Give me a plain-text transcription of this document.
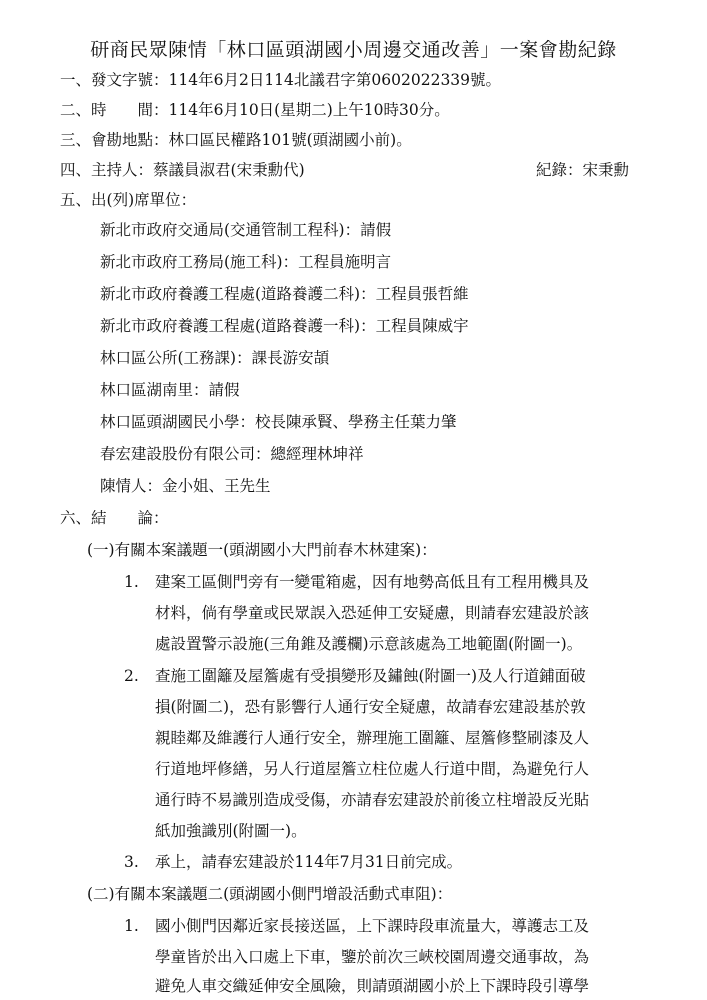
研商民眾陳情「林口區頭湖國小周邊交通改善」一案會勘紀錄
一、發文字號：114年6月2日114北議君字第0602022339號。
二、時　　間：114年6月10日(星期二)上午10時30分。
三、會勘地點：林口區民權路101號(頭湖國小前)。
四、主持人：蔡議員淑君(宋秉勳代)	紀錄：宋秉勳
五、出(列)席單位：
新北市政府交通局(交通管制工程科)：請假
新北市政府工務局(施工科)：工程員施明言
新北市政府養護工程處(道路養護二科)：工程員張哲維
新北市政府養護工程處(道路養護一科)：工程員陳威宇
林口區公所(工務課)：課長游安頡
林口區湖南里：請假
林口區頭湖國民小學：校長陳承賢、學務主任葉力肇
春宏建設股份有限公司：總經理林坤祥
陳情人：金小姐、王先生
六、結　　論：
(一)有關本案議題一(頭湖國小大門前春木林建案)：
1. 建案工區側門旁有一變電箱處，因有地勢高低且有工程用機具及
材料，倘有學童或民眾誤入恐延伸工安疑慮，則請春宏建設於該
處設置警示設施(三角錐及護欄)示意該處為工地範圍(附圖一)。
2. 查施工圍籬及屋簷處有受損變形及鏽蝕(附圖一)及人行道鋪面破
損(附圖二)，恐有影響行人通行安全疑慮，故請春宏建設基於敦
親睦鄰及維護行人通行安全，辦理施工圍籬、屋簷修整刷漆及人
行道地坪修繕，另人行道屋簷立柱位處人行道中間，為避免行人
通行時不易識別造成受傷，亦請春宏建設於前後立柱增設反光貼
紙加強識別(附圖一)。
3. 承上，請春宏建設於114年7月31日前完成。
(二)有關本案議題二(頭湖國小側門增設活動式車阻)：
1. 國小側門因鄰近家長接送區，上下課時段車流量大，導護志工及
學童皆於出入口處上下車，鑒於前次三峽校園周邊交通事故，為
避免人車交織延伸安全風險，則請頭湖國小於上下課時段引導學
